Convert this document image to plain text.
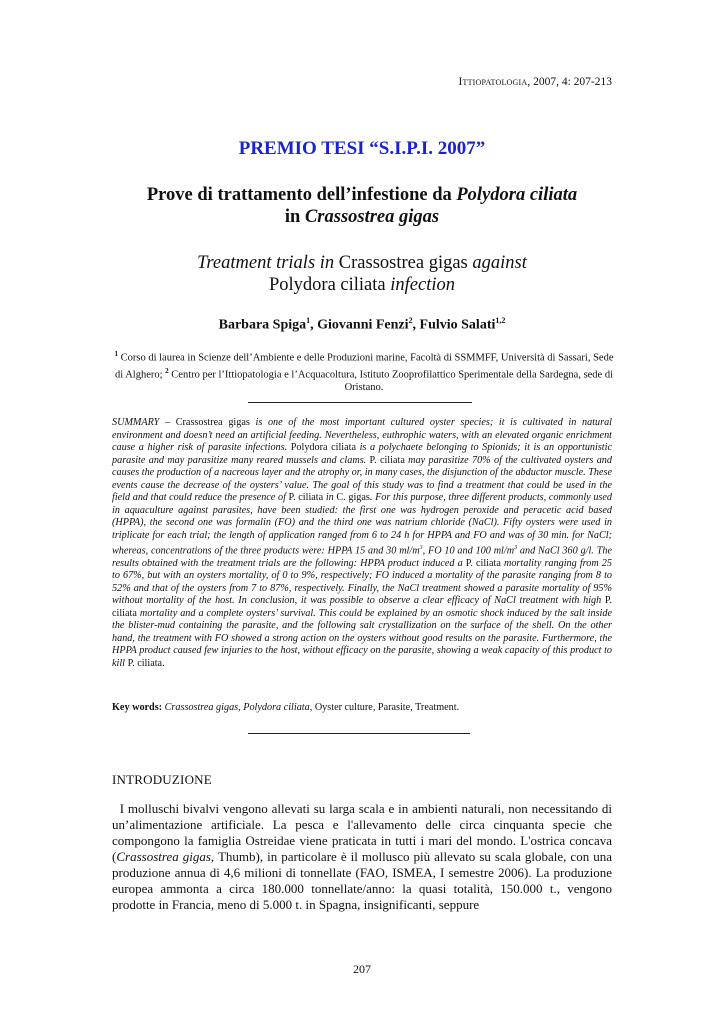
Ittiopatologia, 2007, 4: 207-213
PREMIO TESI “S.I.P.I. 2007”
Prove di trattamento dell’infestione da Polydora ciliata
in Crassostrea gigas
Treatment trials in Crassostrea gigas against
Polydora ciliata infection
Barbara Spiga$^1$, Giovanni Fenzi$^2$, Fulvio Salati$^{1,2}$
$^1$ Corso di laurea in Scienze dell’Ambiente e delle Produzioni marine, Facoltà di SSMMFF, Università di Sassari, Sede di Alghero; $^2$ Centro per l’Ittiopatologia e l’Acquacoltura, Istituto Zooprofilattico Sperimentale della Sardegna, sede di Oristano.
SUMMARY – Crassostrea gigas is one of the most important cultured oyster species; it is cultivated in natural environment and doesn’t need an artificial feeding. Nevertheless, euthrophic waters, with an elevated organic enrichment cause a higher risk of parasite infections. Polydora ciliata is a polychaete belonging to Spionids; it is an opportunistic parasite and may parasitize many reared mussels and clams. P. ciliata may parasitize 70% of the cultivated oysters and causes the production of a nacreous layer and the atrophy or, in many cases, the disjunction of the abductor muscle. These events cause the decrease of the oysters’ value. The goal of this study was to find a treatment that could be used in the field and that could reduce the presence of P. ciliata in C. gigas. For this purpose, three different products, commonly used in aquaculture against parasites, have been studied: the first one was hydrogen peroxide and peracetic acid based (HPPA), the second one was formalin (FO) and the third one was natrium chloride (NaCl). Fifty oysters were used in triplicate for each trial; the length of application ranged from 6 to 24 h for HPPA and FO and was of 30 min. for NaCl; whereas, concentrations of the three products were: HPPA 15 and 30 $ml/m^3$, FO 10 and 100 $ml/m^3$ and NaCl 360 g/l. The results obtained with the treatment trials are the following: HPPA product induced a P. ciliata mortality ranging from 25 to 67%, but with an oysters mortality, of 0 to 9%, respectively; FO induced a mortality of the parasite ranging from 8 to 52% and that of the oysters from 7 to 87%, respectively. Finally, the NaCl treatment showed a parasite mortality of 95% without mortality of the host. In conclusion, it was possible to observe a clear efficacy of NaCl treatment with high P. ciliata mortality and a complete oysters’ survival. This could be explained by an osmotic shock induced by the salt inside the blister-mud containing the parasite, and the following salt crystallization on the surface of the shell. On the other hand, the treatment with FO showed a strong action on the oysters without good results on the parasite. Furthermore, the HPPA product caused few injuries to the host, without efficacy on the parasite, showing a weak capacity of this product to kill P. ciliata.
Key words: Crassostrea gigas, Polydora ciliata, Oyster culture, Parasite, Treatment.
INTRODUZIONE
I molluschi bivalvi vengono allevati su larga scala e in ambienti naturali, non necessitando di un’alimentazione artificiale. La pesca e l'allevamento delle circa cinquanta specie che compongono la famiglia Ostreidae viene praticata in tutti i mari del mondo. L'ostrica concava (Crassostrea gigas, Thumb), in particolare è il mollusco più allevato su scala globale, con una produzione annua di 4,6 milioni di tonnellate (FAO, ISMEA, I semestre 2006). La produzione europea ammonta a circa 180.000 tonnellate/anno: la quasi totalità, 150.000 t., vengono prodotte in Francia, meno di 5.000 t. in Spagna, insignificanti, seppure
207
